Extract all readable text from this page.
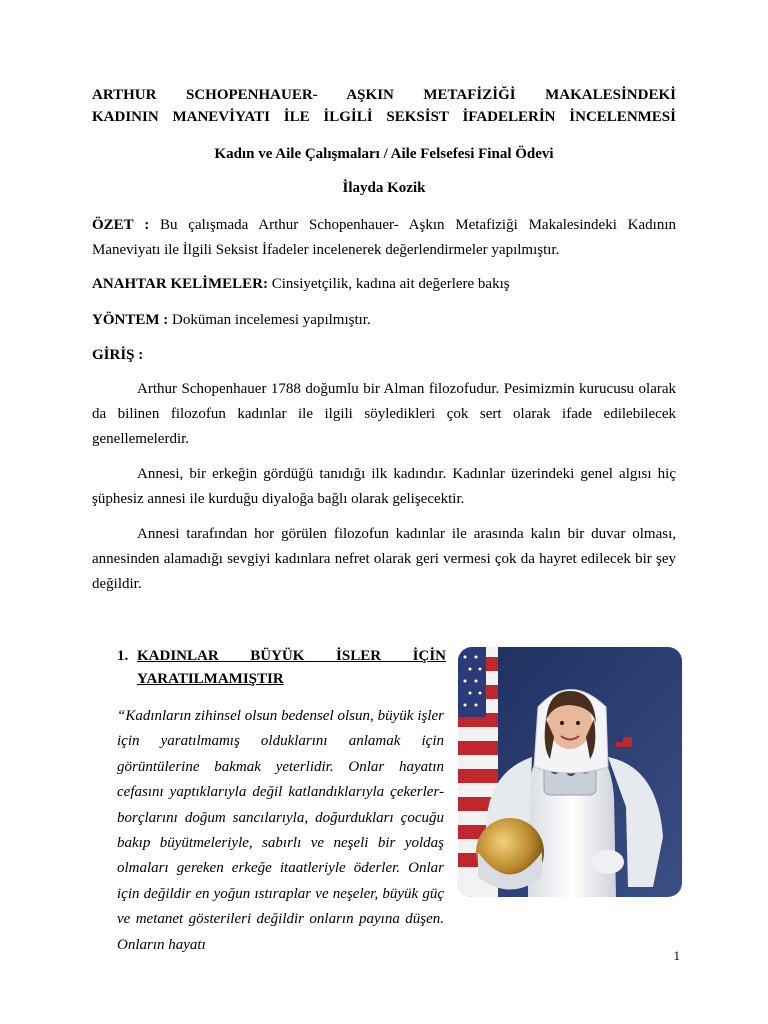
ARTHUR SCHOPENHAUER- AŞKIN METAFİZİĞİ MAKALESİNDEKİ
KADININ MANEVİYATI İLE İLGİLİ SEKSİST İFADELERİN İNCELENMESİ
Kadın ve Aile Çalışmaları / Aile Felsefesi Final Ödevi
İlayda Kozik
ÖZET : Bu çalışmada Arthur Schopenhauer- Aşkın Metafiziği Makalesindeki Kadının Maneviyatı ile İlgili Seksist İfadeler incelenerek değerlendirmeler yapılmıştır.
ANAHTAR KELİMELER: Cinsiyetçilik, kadına ait değerlere bakış
YÖNTEM : Doküman incelemesi yapılmıştır.
GİRİŞ :
Arthur Schopenhauer 1788 doğumlu bir Alman filozofudur. Pesimizmin kurucusu olarak da bilinen filozofun kadınlar ile ilgili söyledikleri çok sert olarak ifade edilebilecek genellemelerdir.
Annesi, bir erkeğin gördüğü tanıdığı ilk kadındır. Kadınlar üzerindeki genel algısı hiç şüphesiz annesi ile kurduğu diyaloğa bağlı olarak gelişecektir.
Annesi tarafından hor görülen filozofun kadınlar ile arasında kalın bir duvar olması, annesinden alamadığı sevgiyi kadınlara nefret olarak geri vermesi çok da hayret edilecek bir şey değildir.
1. KADINLAR BÜYÜK İSLER İÇİN
YARATILMAMIŞTIR
“Kadınların zihinsel olsun bedensel olsun, büyük işler için yaratılmamış olduklarını anlamak için görüntülerine bakmak yeterlidir. Onlar hayatın cefasını yaptıklarıyla değil katlandıklarıyla çekerler- borçlarını doğum sancılarıyla, doğurdukları çocuğu bakıp büyütmeleriyle, sabırlı ve neşeli bir yoldaş olmaları gereken erkeğe itaatleriyle öderler. Onlar için değildir en yoğun ıstıraplar ve neşeler, büyük güç ve metanet gösterileri değildir onların payına düşen. Onların hayatı
1
